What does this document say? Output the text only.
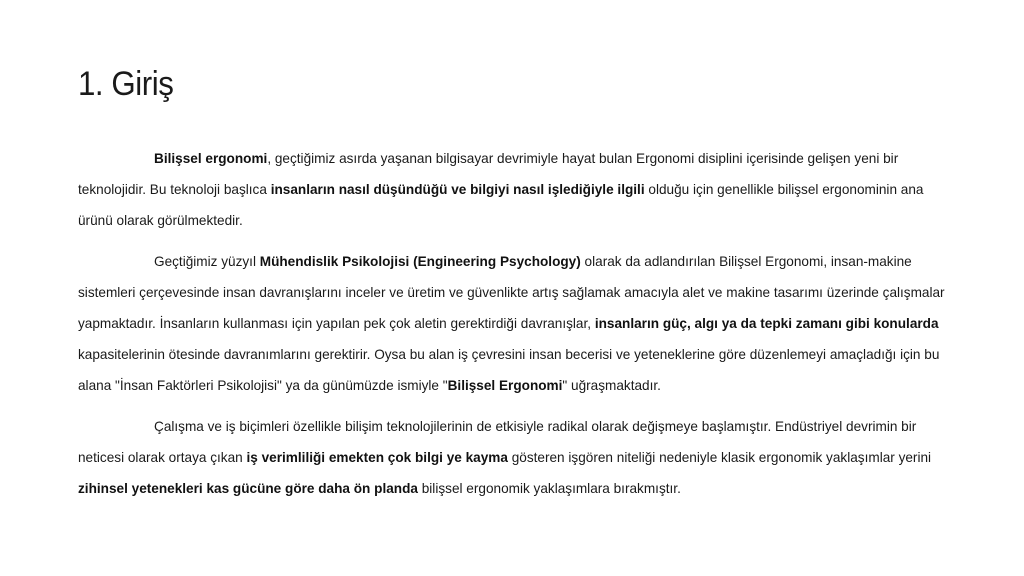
1. Giriş

Bilişsel ergonomi, geçtiğimiz asırda yaşanan bilgisayar devrimiyle hayat bulan Ergonomi disiplini içerisinde gelişen yeni bir teknolojidir. Bu teknoloji başlıca insanların nasıl düşündüğü ve bilgiyi nasıl işlediğiyle ilgili olduğu için genellikle bilişsel ergonominin ana ürünü olarak görülmektedir.

Geçtiğimiz yüzyıl Mühendislik Psikolojisi (Engineering Psychology) olarak da adlandırılan Bilişsel Ergonomi, insan-makine sistemleri çerçevesinde insan davranışlarını inceler ve üretim ve güvenlikte artış sağlamak amacıyla alet ve makine tasarımı üzerinde çalışmalar yapmaktadır. İnsanların kullanması için yapılan pek çok aletin gerektirdiği davranışlar, insanların güç, algı ya da tepki zamanı gibi konularda kapasitelerinin ötesinde davranımlarını gerektirir. Oysa bu alan iş çevresini insan becerisi ve yeteneklerine göre düzenlemeyi amaçladığı için bu alana "İnsan Faktörleri Psikolojisi" ya da günümüzde ismiyle "Bilişsel Ergonomi" uğraşmaktadır.

Çalışma ve iş biçimleri özellikle bilişim teknolojilerinin de etkisiyle radikal olarak değişmeye başlamıştır. Endüstriyel devrimin bir neticesi olarak ortaya çıkan iş verimliliği emekten çok bilgi ye kayma gösteren işgören niteliği nedeniyle klasik ergonomik yaklaşımlar yerini zihinsel yetenekleri kas gücüne göre daha ön planda bilişsel ergonomik yaklaşımlara bırakmıştır.
